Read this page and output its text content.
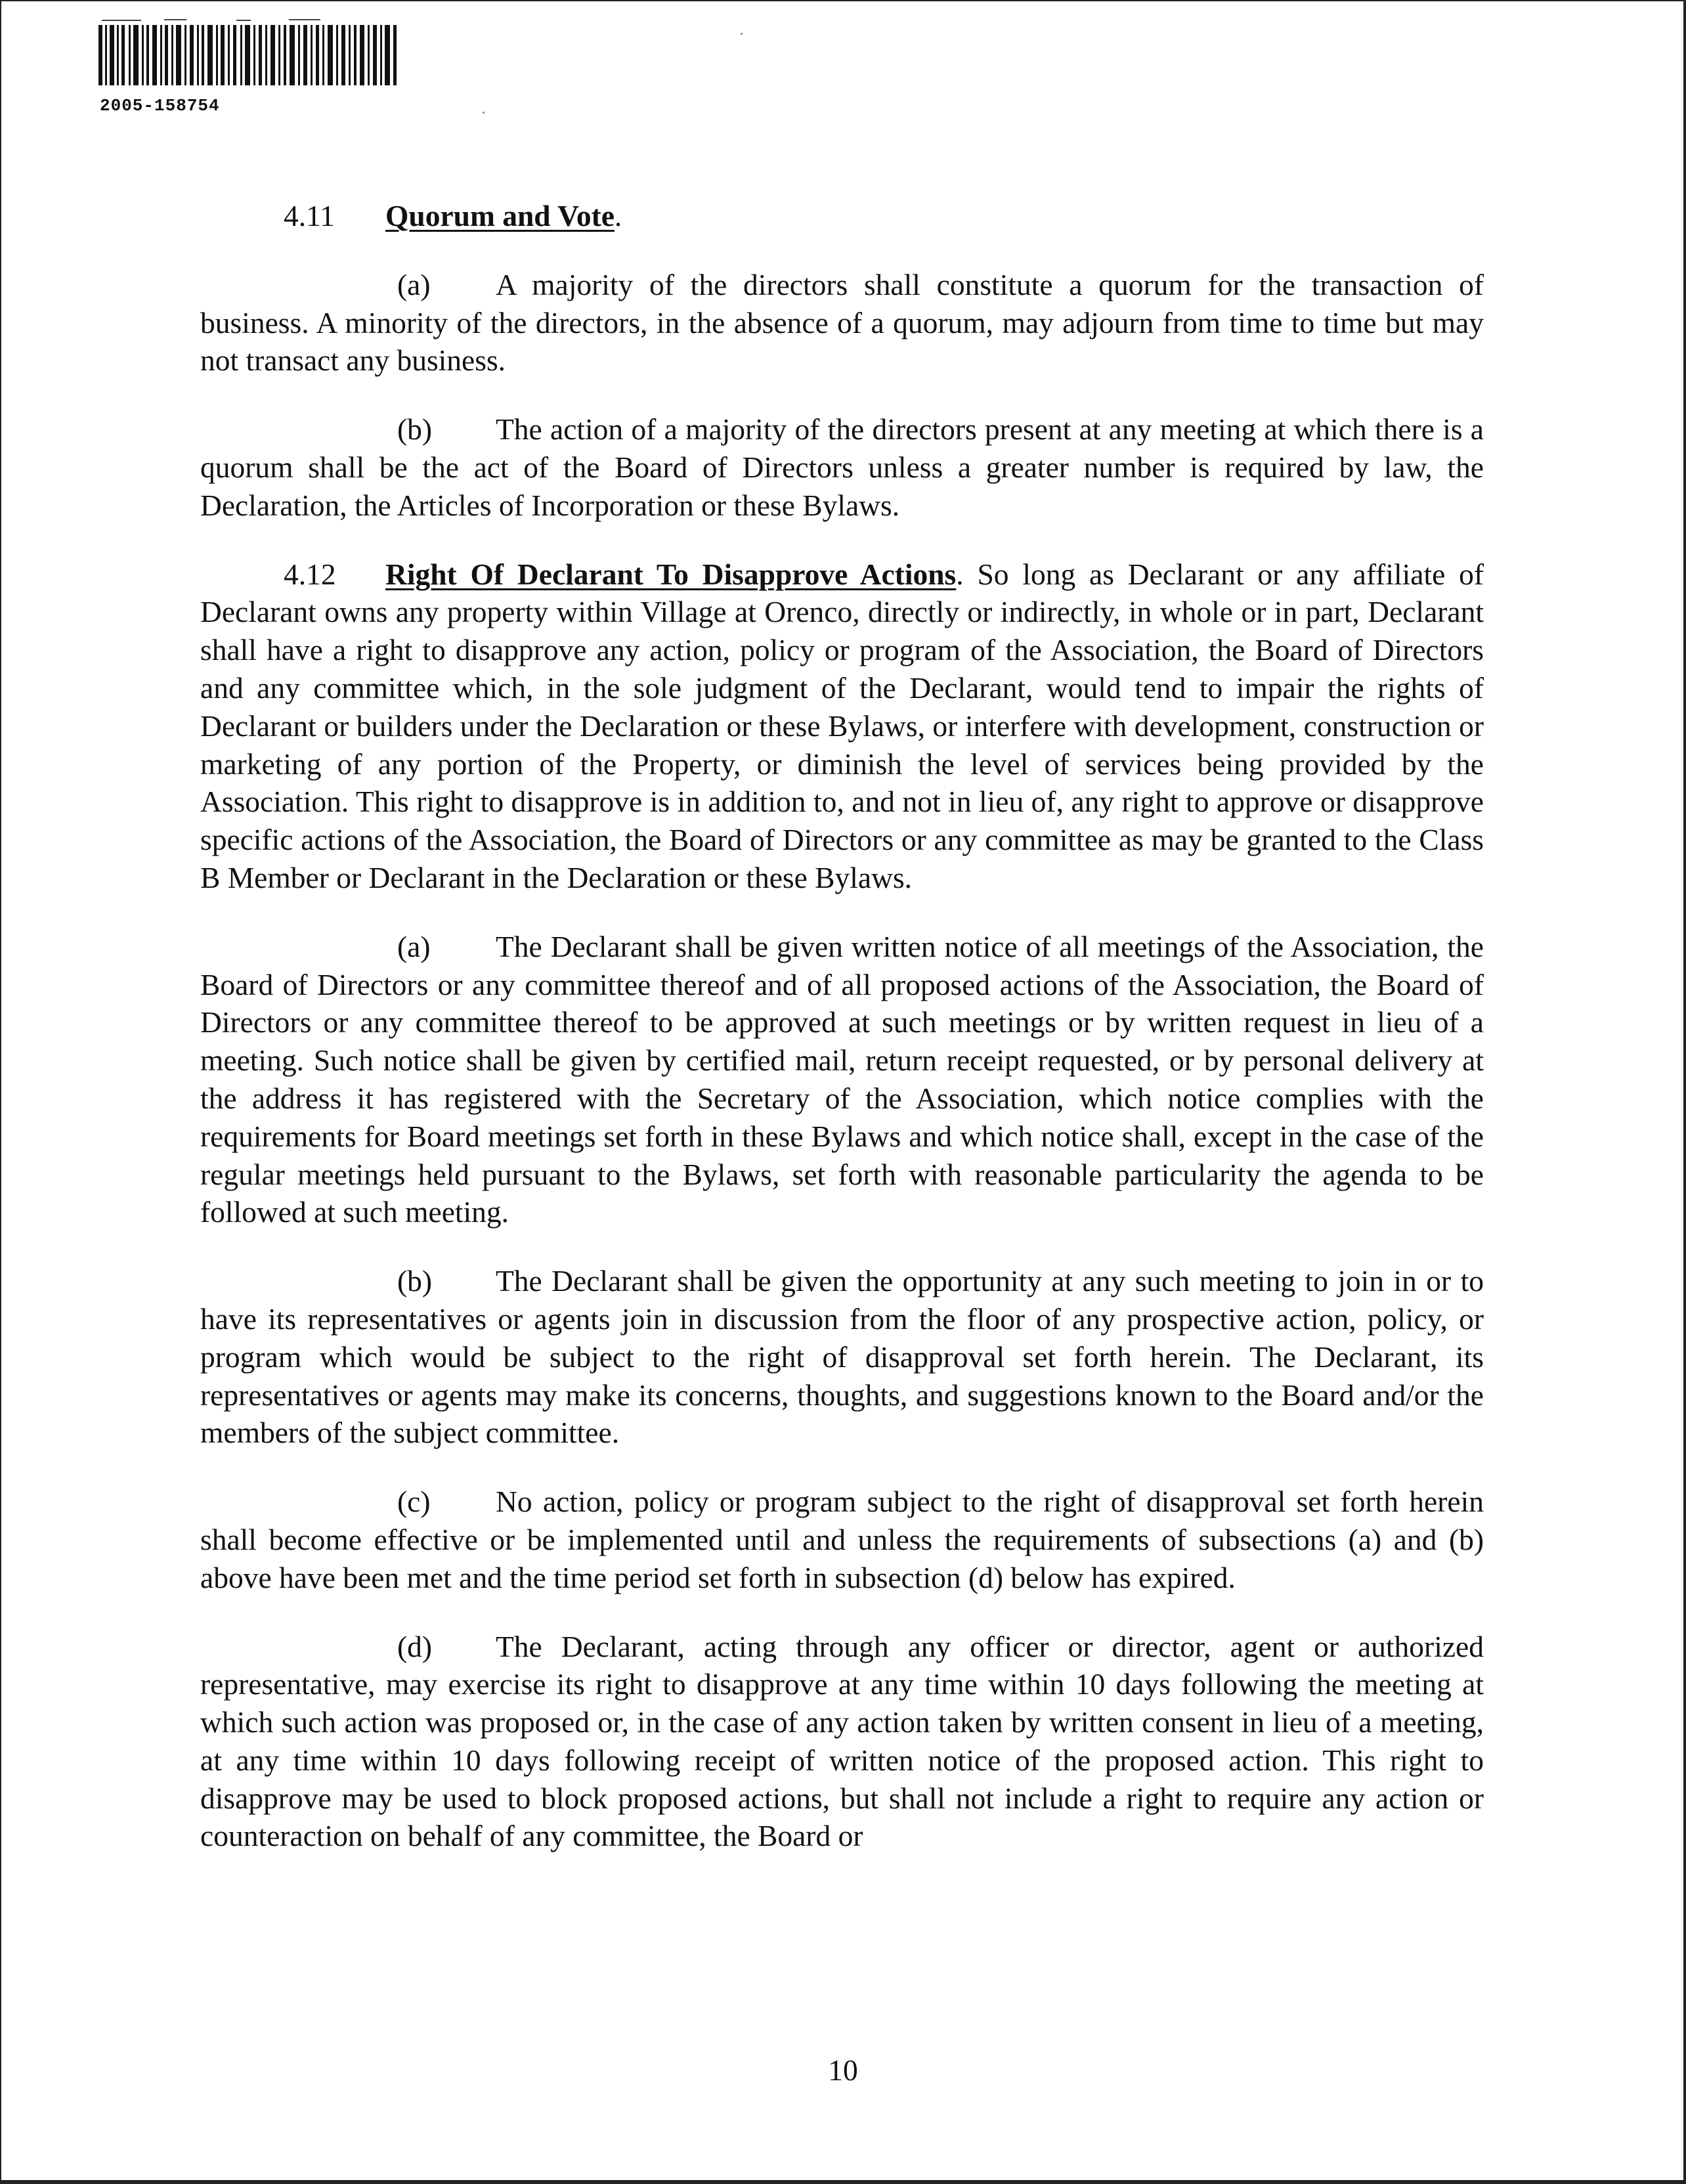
2005-158754

4.11 Quorum and Vote.

(a) A majority of the directors shall constitute a quorum for the transaction of business. A minority of the directors, in the absence of a quorum, may adjourn from time to time but may not transact any business.

(b) The action of a majority of the directors present at any meeting at which there is a quorum shall be the act of the Board of Directors unless a greater number is required by law, the Declaration, the Articles of Incorporation or these Bylaws.

4.12 Right Of Declarant To Disapprove Actions. So long as Declarant or any affiliate of Declarant owns any property within Village at Orenco, directly or indirectly, in whole or in part, Declarant shall have a right to disapprove any action, policy or program of the Association, the Board of Directors and any committee which, in the sole judgment of the Declarant, would tend to impair the rights of Declarant or builders under the Declaration or these Bylaws, or interfere with development, construction or marketing of any portion of the Property, or diminish the level of services being provided by the Association. This right to disapprove is in addition to, and not in lieu of, any right to approve or disapprove specific actions of the Association, the Board of Directors or any committee as may be granted to the Class B Member or Declarant in the Declaration or these Bylaws.

(a) The Declarant shall be given written notice of all meetings of the Association, the Board of Directors or any committee thereof and of all proposed actions of the Association, the Board of Directors or any committee thereof to be approved at such meetings or by written request in lieu of a meeting. Such notice shall be given by certified mail, return receipt requested, or by personal delivery at the address it has registered with the Secretary of the Association, which notice complies with the requirements for Board meetings set forth in these Bylaws and which notice shall, except in the case of the regular meetings held pursuant to the Bylaws, set forth with reasonable particularity the agenda to be followed at such meeting.

(b) The Declarant shall be given the opportunity at any such meeting to join in or to have its representatives or agents join in discussion from the floor of any prospective action, policy, or program which would be subject to the right of disapproval set forth herein. The Declarant, its representatives or agents may make its concerns, thoughts, and suggestions known to the Board and/or the members of the subject committee.

(c) No action, policy or program subject to the right of disapproval set forth herein shall become effective or be implemented until and unless the requirements of subsections (a) and (b) above have been met and the time period set forth in subsection (d) below has expired.

(d) The Declarant, acting through any officer or director, agent or authorized representative, may exercise its right to disapprove at any time within 10 days following the meeting at which such action was proposed or, in the case of any action taken by written consent in lieu of a meeting, at any time within 10 days following receipt of written notice of the proposed action. This right to disapprove may be used to block proposed actions, but shall not include a right to require any action or counteraction on behalf of any committee, the Board or

10
